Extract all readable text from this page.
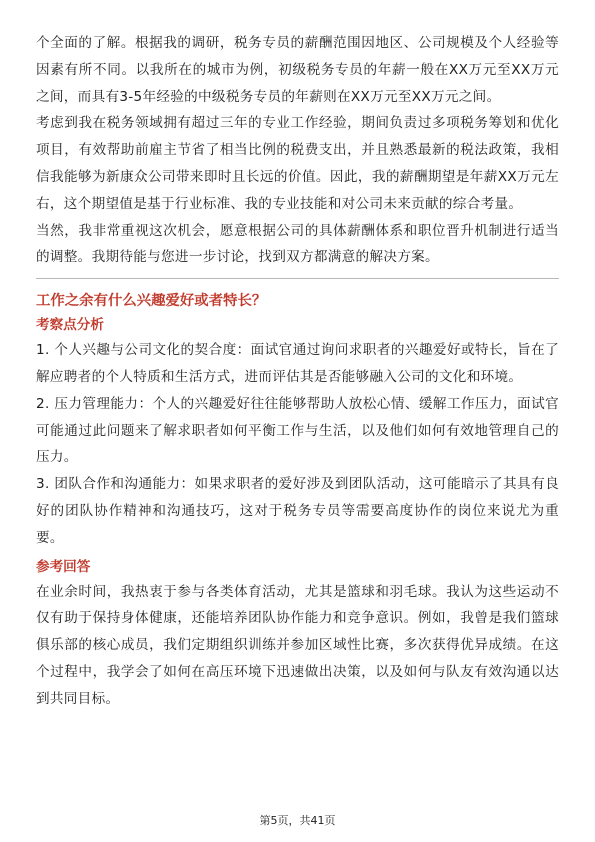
个全面的了解。根据我的调研，税务专员的薪酬范围因地区、公司规模及个人经验等因素有所不同。以我所在的城市为例，初级税务专员的年薪一般在XX万元至XX万元之间，而具有3-5年经验的中级税务专员的年薪则在XX万元至XX万元之间。

考虑到我在税务领域拥有超过三年的专业工作经验，期间负责过多项税务筹划和优化项目，有效帮助前雇主节省了相当比例的税费支出，并且熟悉最新的税法政策，我相信我能够为新康众公司带来即时且长远的价值。因此，我的薪酬期望是年薪XX万元左右，这个期望值是基于行业标准、我的专业技能和对公司未来贡献的综合考量。

当然，我非常重视这次机会，愿意根据公司的具体薪酬体系和职位晋升机制进行适当的调整。我期待能与您进一步讨论，找到双方都满意的解决方案。

工作之余有什么兴趣爱好或者特长？

考察点分析

1. 个人兴趣与公司文化的契合度：面试官通过询问求职者的兴趣爱好或特长，旨在了解应聘者的个人特质和生活方式，进而评估其是否能够融入公司的文化和环境。

2. 压力管理能力：个人的兴趣爱好往往能够帮助人放松心情、缓解工作压力，面试官可能通过此问题来了解求职者如何平衡工作与生活，以及他们如何有效地管理自己的压力。

3. 团队合作和沟通能力：如果求职者的爱好涉及到团队活动，这可能暗示了其具有良好的团队协作精神和沟通技巧，这对于税务专员等需要高度协作的岗位来说尤为重要。

参考回答

在业余时间，我热衷于参与各类体育活动，尤其是篮球和羽毛球。我认为这些运动不仅有助于保持身体健康，还能培养团队协作能力和竞争意识。例如，我曾是我们篮球俱乐部的核心成员，我们定期组织训练并参加区域性比赛，多次获得优异成绩。在这个过程中，我学会了如何在高压环境下迅速做出决策，以及如何与队友有效沟通以达到共同目标。

第5页，共41页
